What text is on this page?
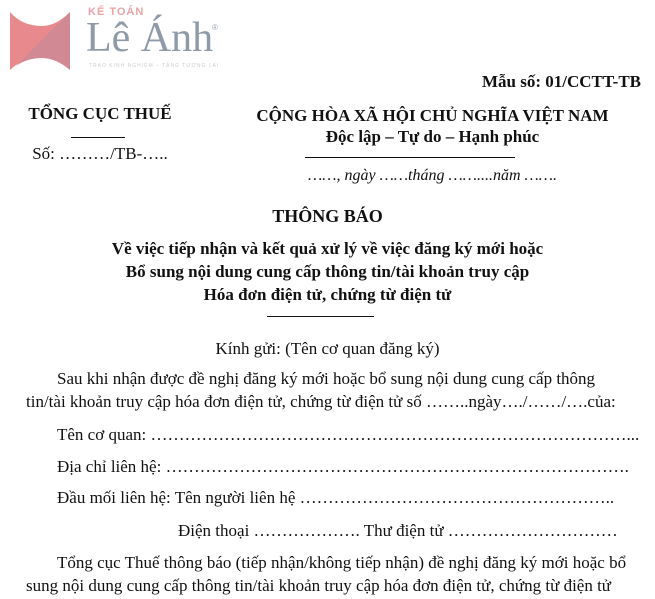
KẾ TOÁN
Lê Ánh
®
TRAO KINH NGHIỆM – TẶNG TƯƠNG LAI
Mẫu số: 01/CCTT-TB
TỔNG CỤC THUẾ
Số: ………/TB-…..
CỘNG HÒA XÃ HỘI CHỦ NGHĨA VIỆT NAM
Độc lập – Tự do – Hạnh phúc
……, ngày ……tháng ……....năm …….
THÔNG BÁO
Về việc tiếp nhận và kết quả xử lý về việc đăng ký mới hoặc
Bổ sung nội dung cung cấp thông tin/tài khoản truy cập
Hóa đơn điện tử, chứng từ điện tử
Kính gửi: (Tên cơ quan đăng ký)
Sau khi nhận được đề nghị đăng ký mới hoặc bổ sung nội dung cung cấp thông
tin/tài khoản truy cập hóa đơn điện tử, chứng từ điện tử số ……..ngày…./……/….của:
Tên cơ quan: …………………………………………………………………………...
Địa chỉ liên hệ: ……………………………………………………………………….
Đầu mối liên hệ: Tên người liên hệ ………………………………………………..
Điện thoại ………………. Thư điện tử …………………………
Tổng cục Thuế thông báo (tiếp nhận/không tiếp nhận) đề nghị đăng ký mới hoặc bổ
sung nội dung cung cấp thông tin/tài khoản truy cập hóa đơn điện tử, chứng từ điện tử
